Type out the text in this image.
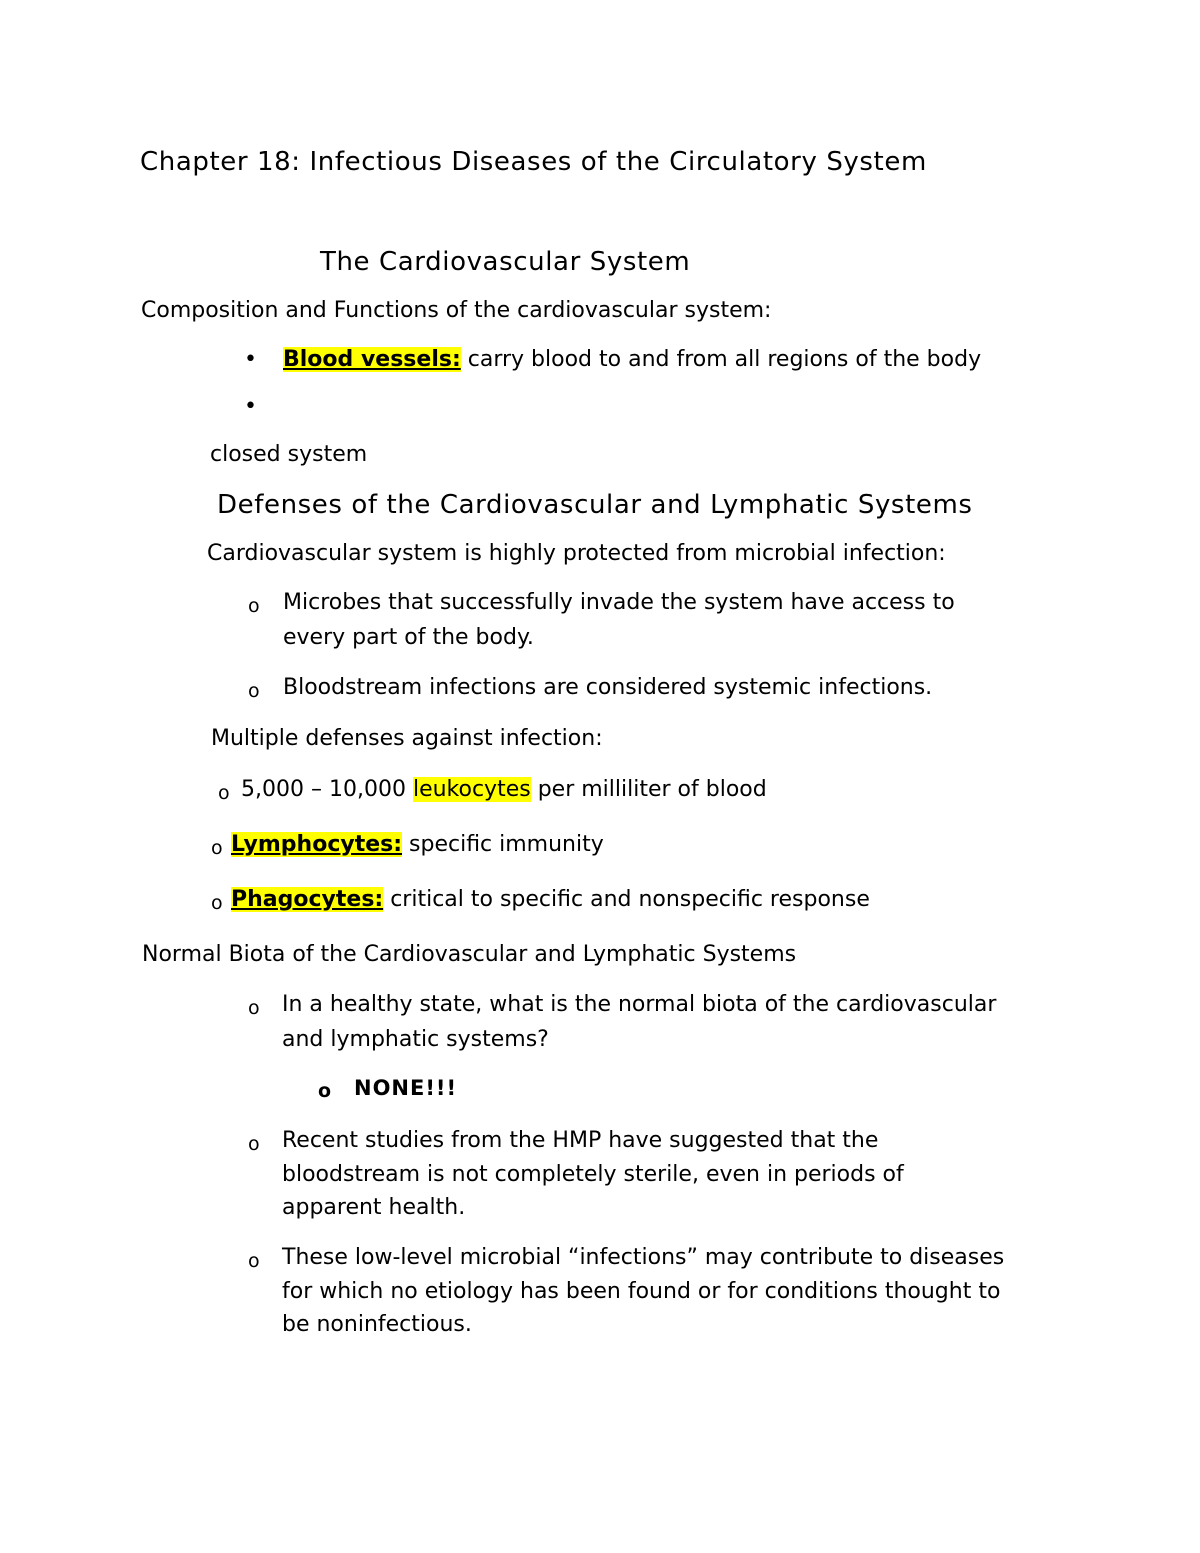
Chapter 18: Infectious Diseases of the Circulatory System
The Cardiovascular System
Composition and Functions of the cardiovascular system:
• Blood vessels: carry blood to and from all regions of the body
•
closed system
Defenses of the Cardiovascular and Lymphatic Systems
Cardiovascular system is highly protected from microbial infection:
o Microbes that successfully invade the system have access to
every part of the body.
o Bloodstream infections are considered systemic infections.
Multiple defenses against infection:
o 5,000 – 10,000 leukocytes per milliliter of blood
o Lymphocytes: specific immunity
o Phagocytes: critical to specific and nonspecific response
Normal Biota of the Cardiovascular and Lymphatic Systems
o In a healthy state, what is the normal biota of the cardiovascular
and lymphatic systems?
o NONE!!!
o Recent studies from the HMP have suggested that the
bloodstream is not completely sterile, even in periods of
apparent health.
o These low-level microbial “infections” may contribute to diseases
for which no etiology has been found or for conditions thought to
be noninfectious.
